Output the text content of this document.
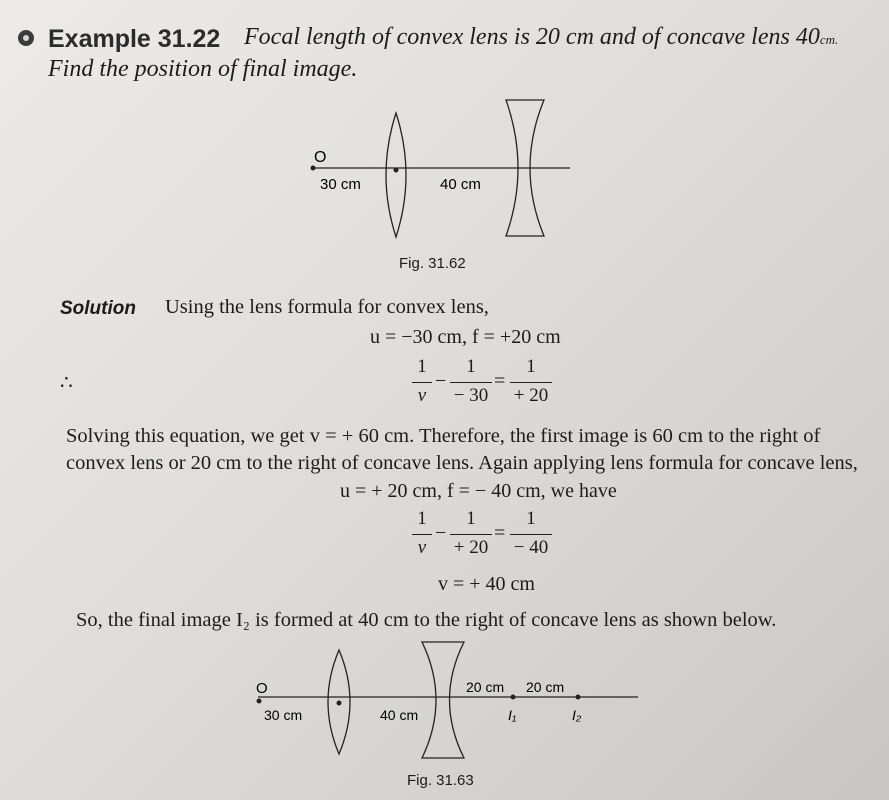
Example 31.22 Focal length of convex lens is 20 cm and of concave lens 40cm.
Find the position of final image.
O
30 cm	40 cm
Fig. 31.62
Solution Using the lens formula for convex lens,
u = −30 cm, f = +20 cm
∴
1
v
−
1
− 30
=
1
+ 20
Solving this equation, we get v = + 60 cm. Therefore, the first image is 60 cm to the right of
convex lens or 20 cm to the right of concave lens. Again applying lens formula for concave lens,
u = + 20 cm, f = − 40 cm, we have
1
v
−
1
+ 20
=
1
− 40
v = + 40 cm
So, the final image I₂ is formed at 40 cm to the right of concave lens as shown below.
O
30 cm	40 cm
20 cm 20 cm
I₁	I₂
Fig. 31.63
